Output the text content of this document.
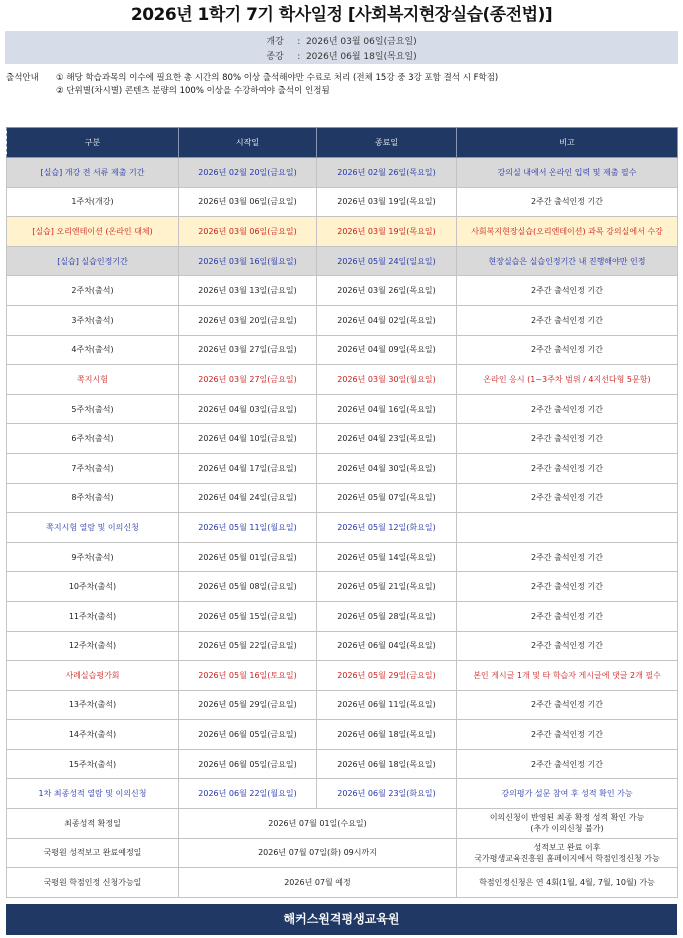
2026년 1학기 7기 학사일정 [사회복지현장실습(종전법)]
개강 :  2026년 03월 06일(금요일)
종강 :  2026년 06월 18일(목요일)
출석안내 ① 해당 학습과목의 이수에 필요한 총 시간의 80% 이상 출석해야만 수료로 처리 (전체 15강 중 3강 포함 결석 시 F학점)
② 단위별(차시별) 콘텐츠 분량의 100% 이상을 수강하여야 출석이 인정됨
구분	시작일	종료일	비고
[실습] 개강 전 서류 제출 기간	2026년 02월 20일(금요일)	2026년 02월 26일(목요일)	강의실 내에서 온라인 입력 및 제출 필수
1주차(개강)	2026년 03월 06일(금요일)	2026년 03월 19일(목요일)	2주간 출석인정 기간
[실습] 오리엔테이션 (온라인 대체)	2026년 03월 06일(금요일)	2026년 03월 19일(목요일)	사회복지현장실습(오리엔테이션) 과목 강의실에서 수강
[실습] 실습인정기간	2026년 03월 16일(월요일)	2026년 05월 24일(일요일)	현장실습은 실습인정기간 내 진행해야만 인정
2주차(출석)	2026년 03월 13일(금요일)	2026년 03월 26일(목요일)	2주간 출석인정 기간
3주차(출석)	2026년 03월 20일(금요일)	2026년 04월 02일(목요일)	2주간 출석인정 기간
4주차(출석)	2026년 03월 27일(금요일)	2026년 04월 09일(목요일)	2주간 출석인정 기간
쪽지시험	2026년 03월 27일(금요일)	2026년 03월 30일(월요일)	온라인 응시 (1~3주차 범위 / 4지선다형 5문항)
5주차(출석)	2026년 04월 03일(금요일)	2026년 04월 16일(목요일)	2주간 출석인정 기간
6주차(출석)	2026년 04월 10일(금요일)	2026년 04월 23일(목요일)	2주간 출석인정 기간
7주차(출석)	2026년 04월 17일(금요일)	2026년 04월 30일(목요일)	2주간 출석인정 기간
8주차(출석)	2026년 04월 24일(금요일)	2026년 05월 07일(목요일)	2주간 출석인정 기간
쪽지시험 열람 및 이의신청	2026년 05월 11일(월요일)	2026년 05월 12일(화요일)	
9주차(출석)	2026년 05월 01일(금요일)	2026년 05월 14일(목요일)	2주간 출석인정 기간
10주차(출석)	2026년 05월 08일(금요일)	2026년 05월 21일(목요일)	2주간 출석인정 기간
11주차(출석)	2026년 05월 15일(금요일)	2026년 05월 28일(목요일)	2주간 출석인정 기간
12주차(출석)	2026년 05월 22일(금요일)	2026년 06월 04일(목요일)	2주간 출석인정 기간
사례실습평가회	2026년 05월 16일(토요일)	2026년 05월 29일(금요일)	본인 게시글 1개 및 타 학습자 게시글에 댓글 2개 필수
13주차(출석)	2026년 05월 29일(금요일)	2026년 06월 11일(목요일)	2주간 출석인정 기간
14주차(출석)	2026년 06월 05일(금요일)	2026년 06월 18일(목요일)	2주간 출석인정 기간
15주차(출석)	2026년 06월 05일(금요일)	2026년 06월 18일(목요일)	2주간 출석인정 기간
1차 최종성적 열람 및 이의신청	2026년 06월 22일(월요일)	2026년 06월 23일(화요일)	강의평가 설문 참여 후 성적 확인 가능
최종성적 확정일	2026년 07월 01일(수요일)		이의신청이 반영된 최종 확정 성적 확인 가능
(추가 이의신청 불가)

국평원 성적보고 완료예정일	2026년 07월 07일(화) 09시까지		성적보고 완료 이후
국가평생교육진흥원 홈페이지에서 학점인정신청 가능

국평원 학점인정 신청가능일	2026년 07월 예정		학점인정신청은 연 4회(1월, 4월, 7월, 10월) 가능
해커스원격평생교육원
